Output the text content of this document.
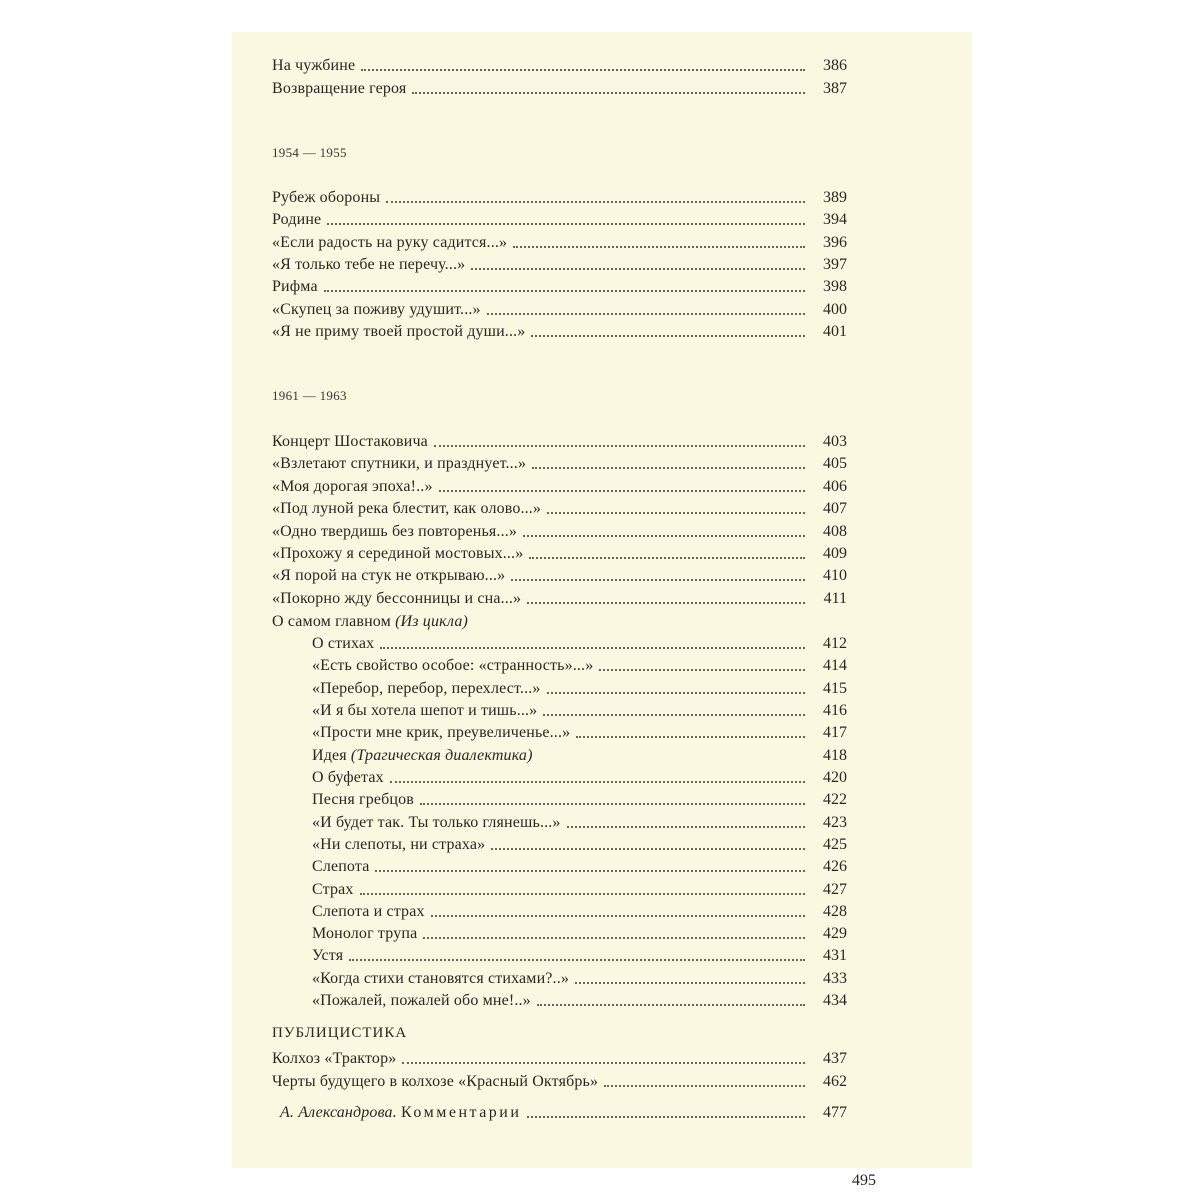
На чужбине	386
Возвращение героя	387
1954 — 1955
Рубеж обороны	389
Родине	394
«Если радость на руку садится...»	396
«Я только тебе не перечу...»	397
Рифма	398
«Скупец за поживу удушит...»	400
«Я не приму твоей простой души...»	401
1961 — 1963
Концерт Шостаковича	403
«Взлетают спутники, и празднует...»	405
«Моя дорогая эпоха!..»	406
«Под луной река блестит, как олово...»	407
«Одно твердишь без повторенья...»	408
«Прохожу я серединой мостовых...»	409
«Я порой на стук не открываю...»	410
«Покорно жду бессонницы и сна...»	411
О самом главном (Из цикла)
О стихах	412
«Есть свойство особое: «странность»...»	414
«Перебор, перебор, перехлест...»	415
«И я бы хотела шепот и тишь...»	416
«Прости мне крик, преувеличенье...»	417
Идея (Трагическая диалектика)	418
О буфетах	420
Песня гребцов	422
«И будет так. Ты только глянешь...»	423
«Ни слепоты, ни страха»	425
Слепота	426
Страх	427
Слепота и страх	428
Монолог трупа	429
Устя	431
«Когда стихи становятся стихами?..»	433
«Пожалей, пожалей обо мне!..»	434
ПУБЛИЦИСТИКА
Колхоз «Трактор»	437
Черты будущего в колхозе «Красный Октябрь»	462
А. Александрова. Комментарии	477
495
